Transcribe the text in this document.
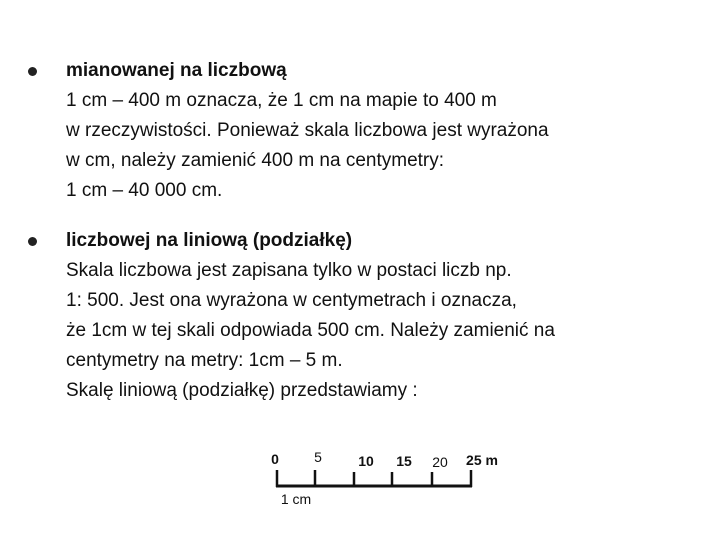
mianowanej na liczbową
1 cm – 400 m oznacza, że 1 cm na mapie to 400 m
w rzeczywistości. Ponieważ skala liczbowa jest wyrażona
w cm, należy zamienić 400 m na centymetry:
1 cm – 40 000 cm.
liczbowej na liniową (podziałkę)
Skala liczbowa jest zapisana tylko w postaci liczb np.
1: 500. Jest ona wyrażona w centymetrach i oznacza,
że 1cm w tej skali odpowiada 500 cm. Należy zamienić na
centymetry na metry: 1cm – 5 m.
Skalę liniową (podziałkę) przedstawiamy :
0	5	10 15 20 25 m
1 cm
